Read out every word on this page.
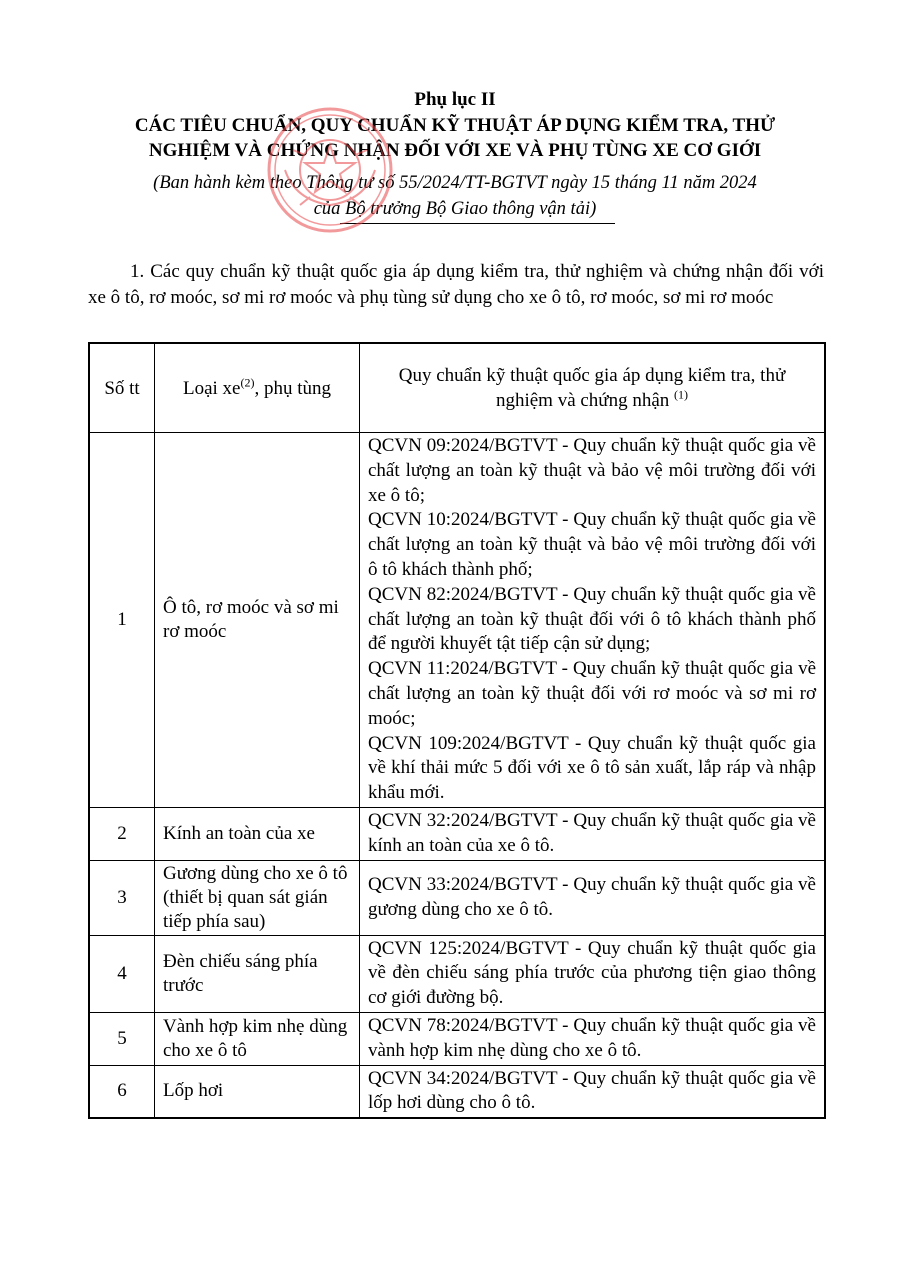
Phụ lục II
CÁC TIÊU CHUẨN, QUY CHUẨN KỸ THUẬT ÁP DỤNG KIỂM TRA, THỬ
NGHIỆM VÀ CHỨNG NHẬN ĐỐI VỚI XE VÀ PHỤ TÙNG XE CƠ GIỚI
(Ban hành kèm theo Thông tư số 55/2024/TT-BGTVT ngày 15 tháng 11 năm 2024
của Bộ trưởng Bộ Giao thông vận tải)
1. Các quy chuẩn kỹ thuật quốc gia áp dụng kiểm tra, thử nghiệm và chứng nhận đối với xe ô tô, rơ moóc, sơ mi rơ moóc và phụ tùng sử dụng cho xe ô tô, rơ moóc, sơ mi rơ moóc
Số tt	Loại $xe^{(2)}$, phụ tùng	Quy chuẩn kỹ thuật quốc gia áp dụng kiểm tra, thử
nghiệm và chứng nhận $^{(1)}$
1	Ô tô, rơ moóc và sơ mi rơ moóc	QCVN 09:2024/BGTVT - Quy chuẩn kỹ thuật quốc gia về chất lượng an toàn kỹ thuật và bảo vệ môi trường đối với xe ô tô;
QCVN 10:2024/BGTVT - Quy chuẩn kỹ thuật quốc gia về chất lượng an toàn kỹ thuật và bảo vệ môi trường đối với ô tô khách thành phố;
QCVN 82:2024/BGTVT - Quy chuẩn kỹ thuật quốc gia về chất lượng an toàn kỹ thuật đối với ô tô khách thành phố để người khuyết tật tiếp cận sử dụng;
QCVN 11:2024/BGTVT - Quy chuẩn kỹ thuật quốc gia về chất lượng an toàn kỹ thuật đối với rơ moóc và sơ mi rơ moóc;
QCVN 109:2024/BGTVT - Quy chuẩn kỹ thuật quốc gia về khí thải mức 5 đối với xe ô tô sản xuất, lắp ráp và nhập khẩu mới.

2	Kính an toàn của xe	QCVN 32:2024/BGTVT - Quy chuẩn kỹ thuật quốc gia về kính an toàn của xe ô tô.

3	Gương dùng cho xe ô tô (thiết bị quan sát gián tiếp phía sau)	QCVN 33:2024/BGTVT - Quy chuẩn kỹ thuật quốc gia về gương dùng cho xe ô tô.

4	Đèn chiếu sáng phía trước	QCVN 125:2024/BGTVT - Quy chuẩn kỹ thuật quốc gia về đèn chiếu sáng phía trước của phương tiện giao thông cơ giới đường bộ.

5	Vành hợp kim nhẹ dùng cho xe ô tô	QCVN 78:2024/BGTVT - Quy chuẩn kỹ thuật quốc gia về vành hợp kim nhẹ dùng cho xe ô tô.

6	Lốp hơi	QCVN 34:2024/BGTVT - Quy chuẩn kỹ thuật quốc gia về lốp hơi dùng cho ô tô.
